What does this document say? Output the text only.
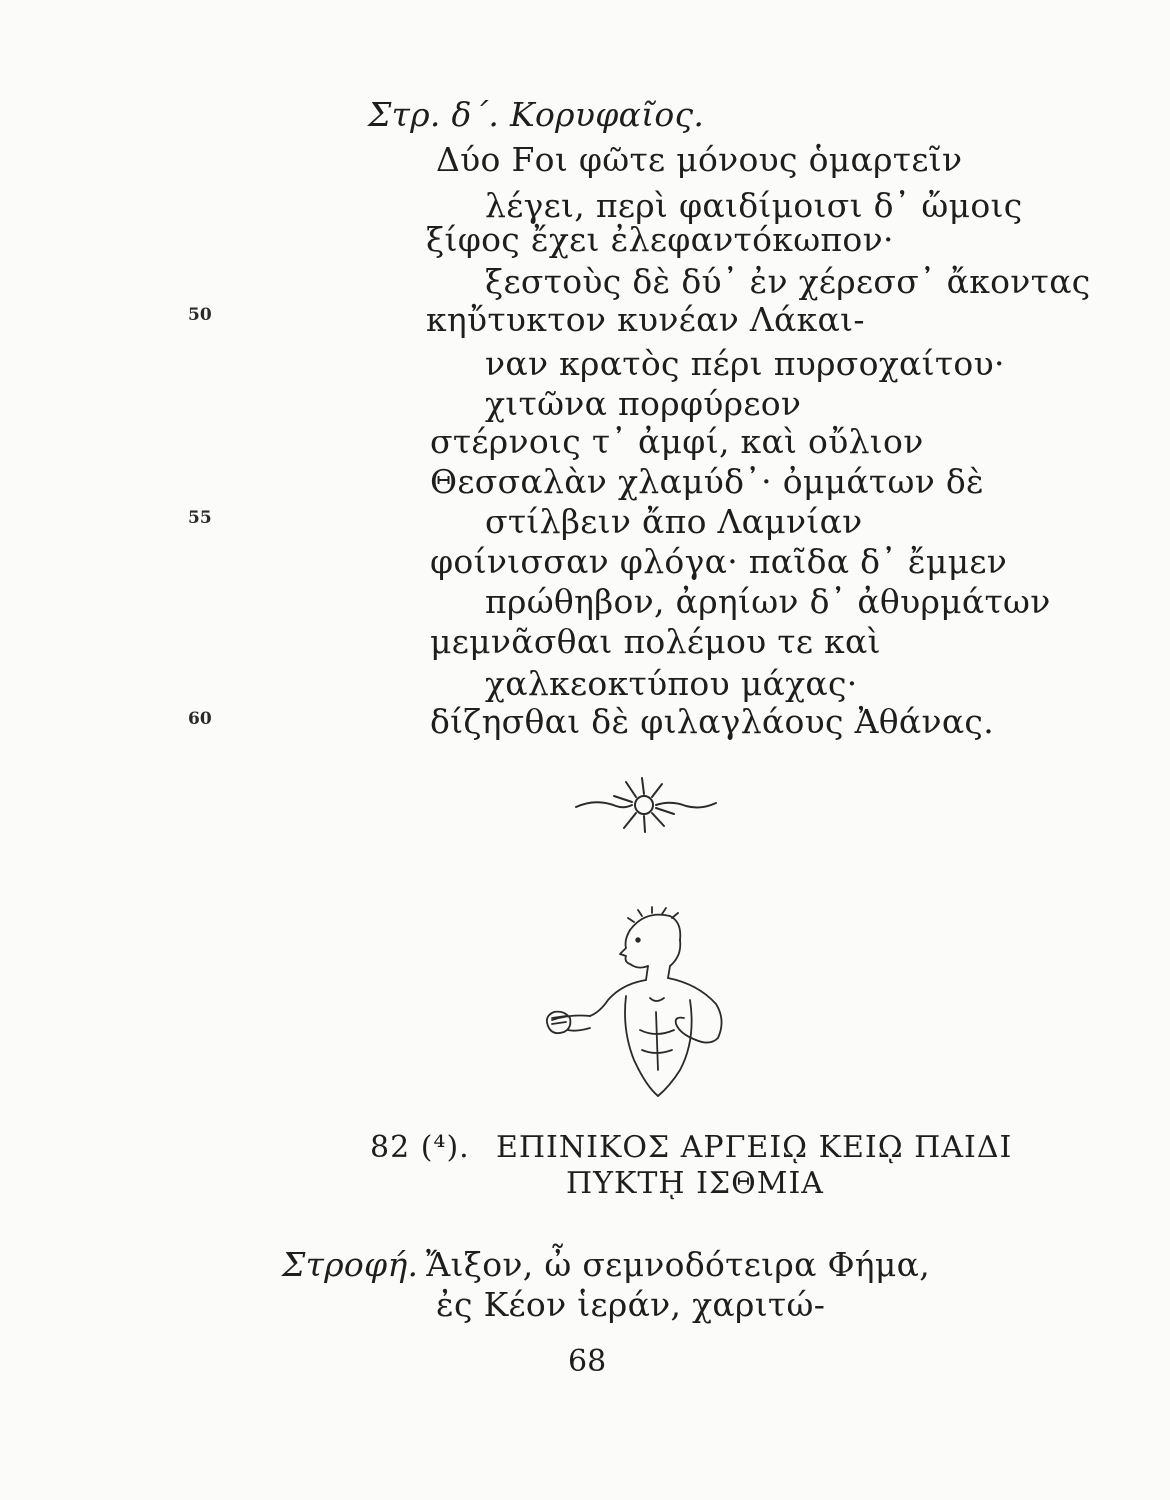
Στρ. δ΄. Κορυφαῖος.
Δύο Fοι φῶτε μόνους ὁμαρτεῖν
λέγει, περὶ φαιδίμοισι δ᾽ ὤμοις
ξίφος ἔχει ἐλεφαντόκωπον·
ξεστοὺς δὲ δύ᾽ ἐν χέρεσσ᾽ ἄκοντας
κηὔτυκτον κυνέαν Λάκαι-
ναν κρατὸς πέρι πυρσοχαίτου·
χιτῶνα πορφύρεον
στέρνοις τ᾽ ἀμφί, καὶ οὔλιον
Θεσσαλὰν χλαμύδ᾽· ὀμμάτων δὲ
στίλβειν ἄπο Λαμνίαν
φοίνισσαν φλόγα· παῖδα δ᾽ ἔμμεν
πρώθηβον, ἀρηίων δ᾽ ἀθυρμάτων
μεμνᾶσθαι πολέμου τε καὶ
χαλκεοκτύπου μάχας·
δίζησθαι δὲ φιλαγλάους Ἀθάνας.
50
55
60
82 (⁴). ΕΠΙΝΙΚΟΣ ΑΡΓΕΙῼ ΚΕΙῼ ΠΑΙΔΙ
ΠΥΚΤῌ ΙΣΘΜΙΑ
Στροφή. Ἄιξον, ὦ σεμνοδότειρα Φήμα,
ἐς Κέον ἱεράν, χαριτώ-
68
